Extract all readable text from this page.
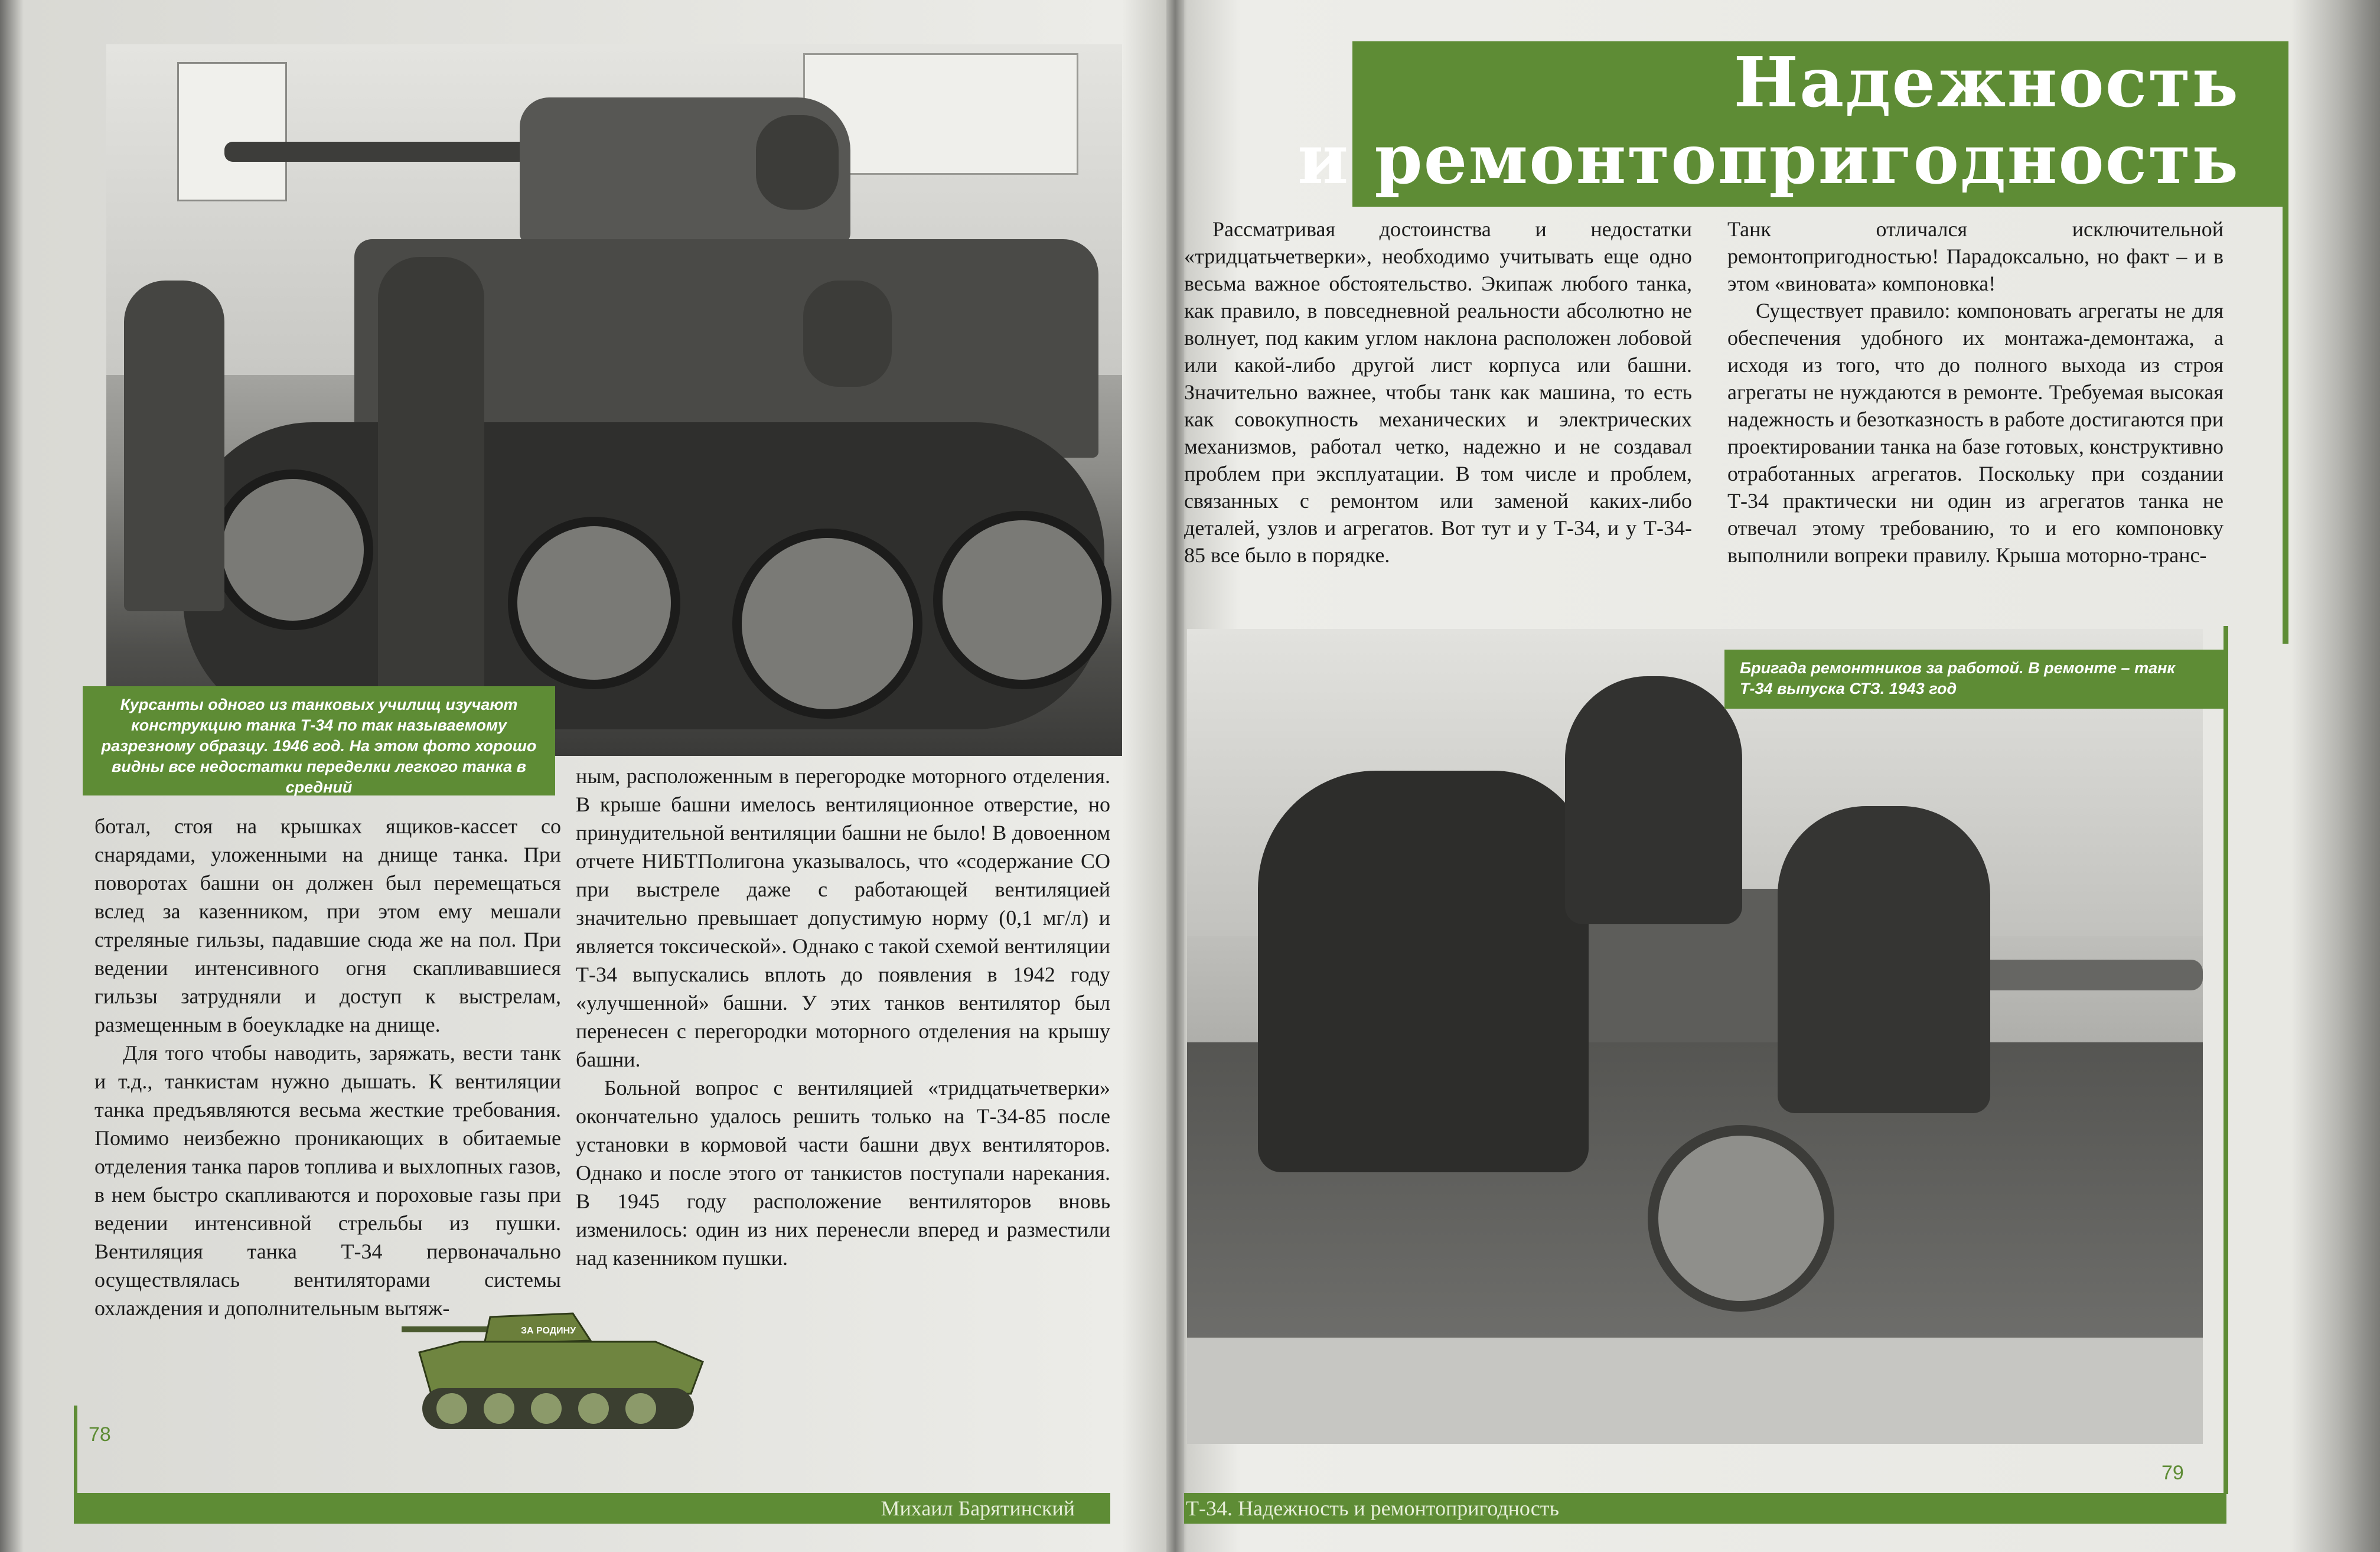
Курсанты одного из танковых училищ изучают конструкцию танка Т-34 по так называемому разрезному образцу. 1946 год. На этом фото хорошо видны все недостатки переделки легкого танка в средний

ботал, стоя на крышках ящиков-кассет со снарядами, уложенными на днище танка. При поворотах башни он должен был перемещаться вслед за казенником, при этом ему мешали стреляные гильзы, падавшие сюда же на пол. При ведении интенсивного огня скапливавшиеся гильзы затрудняли и доступ к выстрелам, размещенным в боеукладке на днище.

Для того чтобы наводить, заряжать, вести танк и т.д., танкистам нужно дышать. К вентиляции танка предъявляются весьма жесткие требования. Помимо неизбежно проникающих в обитаемые отделения танка паров топлива и выхлопных газов, в нем быстро скапливаются и пороховые газы при ведении интенсивной стрельбы из пушки. Вентиляция танка Т-34 первоначально осуществлялась вентиляторами системы охлаждения и дополнительным вытяж-

ным, расположенным в перегородке моторного отделения. В крыше башни имелось вентиляционное отверстие, но принудительной вентиляции башни не было! В довоенном отчете НИБТПолигона указывалось, что «содержание СО при выстреле даже с работающей вентиляцией значительно превышает допустимую норму (0,1 мг/л) и является токсической». Однако с такой схемой вентиляции Т-34 выпускались вплоть до появления в 1942 году «улучшенной» башни. У этих танков вентилятор был перенесен с перегородки моторного отделения на крышу башни.

Больной вопрос с вентиляцией «тридцатьчетверки» окончательно удалось решить только на Т-34-85 после установки в кормовой части башни двух вентиляторов. Однако и после этого от танкистов поступали нарекания. В 1945 году расположение вентиляторов вновь изменилось: один из них перенесли вперед и разместили над казенником пушки.

ЗА РОДИНУ
78
Михаил Барятинский
Надежность
и ремонтопригодность

Рассматривая достоинства и недостатки «тридцатьчетверки», необходимо учитывать еще одно весьма важное обстоятельство. Экипаж любого танка, как правило, в повседневной реальности абсолютно не волнует, под каким углом наклона расположен лобовой или какой-либо другой лист корпуса или башни. Значительно важнее, чтобы танк как машина, то есть как совокупность механических и электрических механизмов, работал четко, надежно и не создавал проблем при эксплуатации. В том числе и проблем, связанных с ремонтом или заменой каких-либо деталей, узлов и агрегатов. Вот тут и у Т-34, и у Т-34-85 все было в порядке.

Танк отличался исключительной ремонтопригодностью! Парадоксально, но факт – и в этом «виновата» компоновка!

Существует правило: компоновать агрегаты не для обеспечения удобного их монтажа-демонтажа, а исходя из того, что до полного выхода из строя агрегаты не нуждаются в ремонте. Требуемая высокая надежность и безотказность в работе достигаются при проектировании танка на базе готовых, конструктивно отработанных агрегатов. Поскольку при создании Т-34 практически ни один из агрегатов танка не отвечал этому требованию, то и его компоновку выполнили вопреки правилу. Крыша моторно-транс-

Бригада ремонтников за работой. В ремонте – танк Т-34 выпуска СТЗ. 1943 год
79
Т-34. Надежность и ремонтопригодность
